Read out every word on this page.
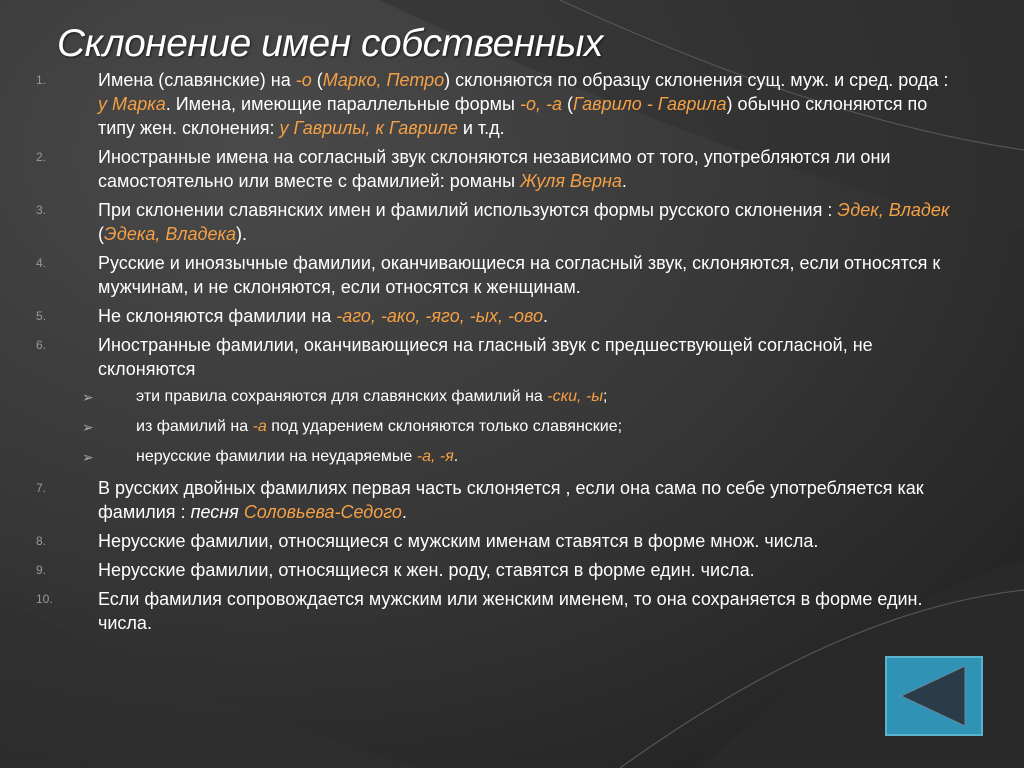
Склонение имен собственных
1.	Имена (славянские) на -о (Марко, Петро) склоняются по образцу склонения сущ. муж. и сред. рода : у Марка. Имена, имеющие параллельные формы -о, -а (Гаврило - Гаврила) обычно склоняются по типу жен. склонения: у Гаврилы, к Гавриле и т.д.
2.	Иностранные имена на согласный звук склоняются независимо от того, употребляются ли они самостоятельно или вместе с фамилией: романы Жуля Верна.
3.	При склонении славянских имен и фамилий используются формы русского склонения : Эдек, Владек (Эдека, Владека).
4.	Русские и иноязычные фамилии, оканчивающиеся на согласный звук, склоняются, если относятся к мужчинам, и не склоняются, если относятся к женщинам.
5.	Не склоняются фамилии на -аго, -ако, -яго, -ых, -ово.
6.	Иностранные фамилии, оканчивающиеся на гласный звук с предшествующей согласной, не склоняются
➢	эти правила сохраняются для славянских фамилий на -ски, -ы;
➢	из фамилий на -а под ударением склоняются только славянские;
➢	нерусские фамилии на неударяемые -а, -я.
7.	В русских двойных фамилиях первая часть склоняется , если она сама по себе употребляется как фамилия : песня Соловьева-Седого.
8.	Нерусские фамилии, относящиеся с мужским именам ставятся в форме множ. числа.
9.	Нерусские фамилии, относящиеся к жен. роду, ставятся в форме един. числа.
10.	Если фамилия сопровождается мужским или женским именем, то она сохраняется в форме един. числа.
